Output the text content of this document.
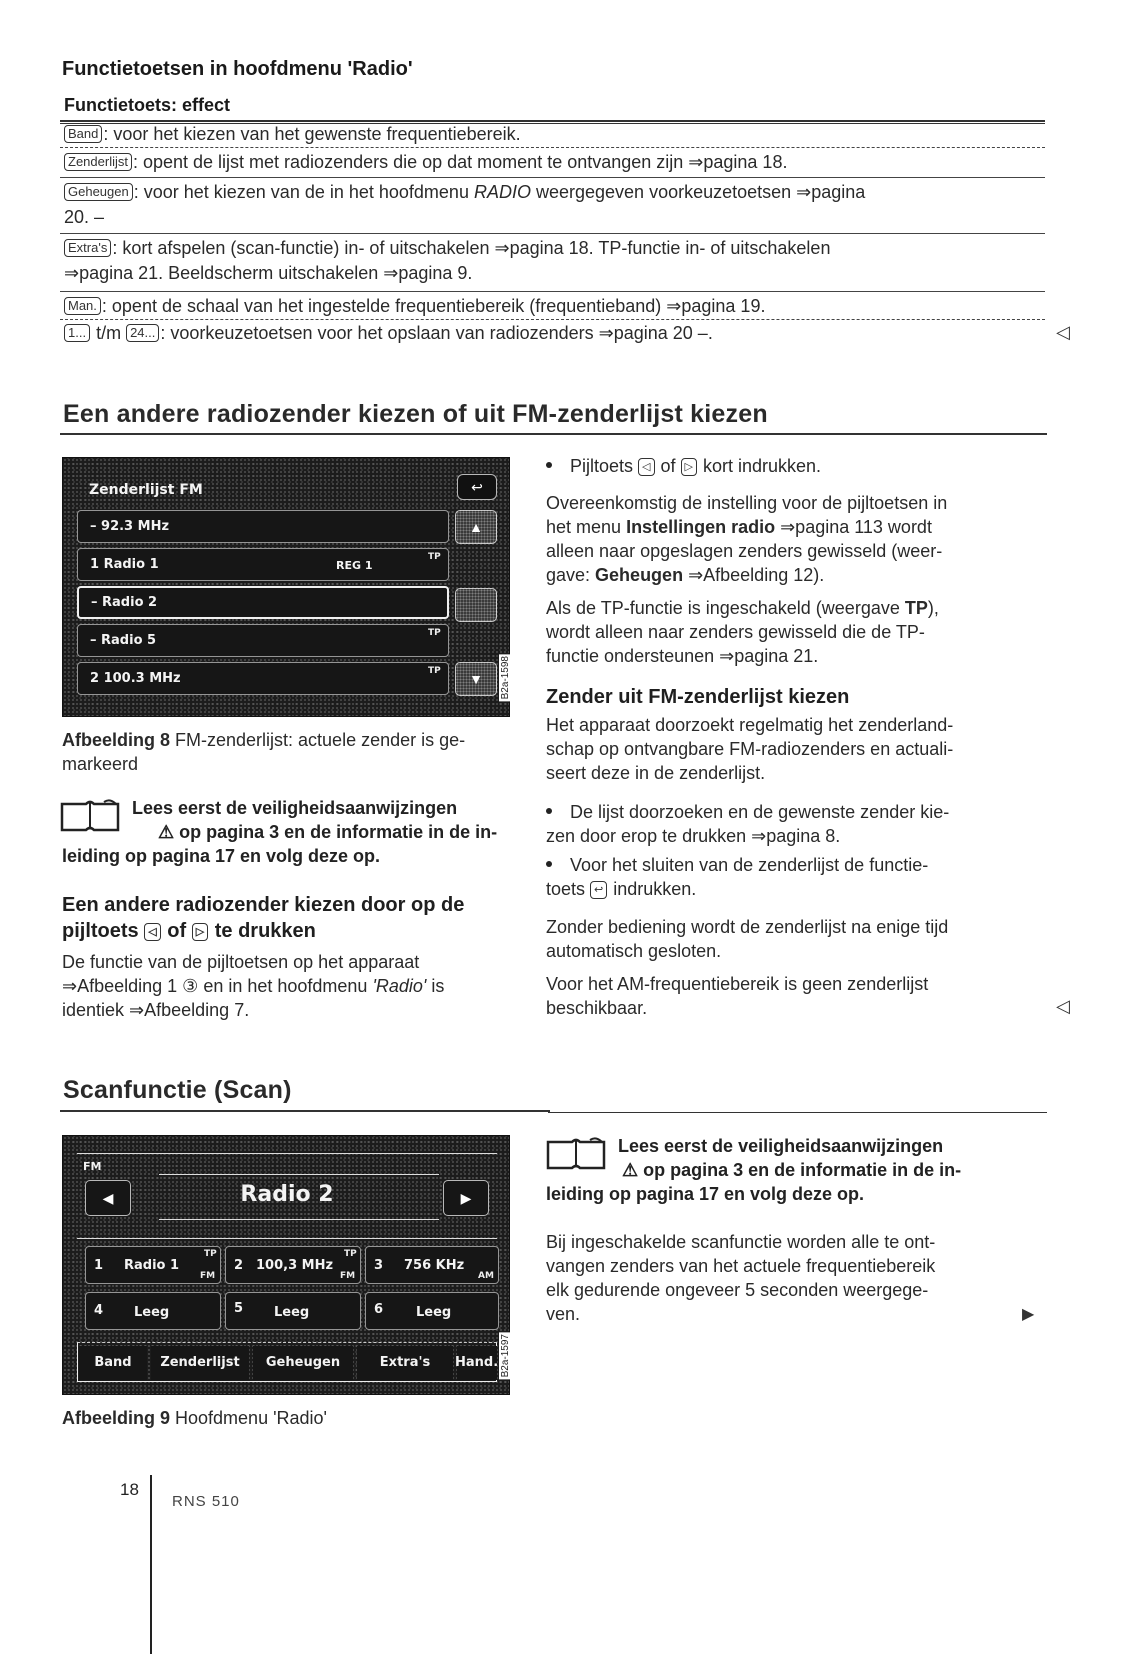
Functietoetsen in hoofdmenu 'Radio'
Functietoets: effect
Band : voor het kiezen van het gewenste frequentiebereik.
Zenderlijst : opent de lijst met radiozenders die op dat moment te ontvangen zijn ⇒pagina 18.
Geheugen : voor het kiezen van de in het hoofdmenu RADIO weergegeven voorkeuzetoetsen ⇒pagina
20. –
Extra's : kort afspelen (scan-functie) in- of uitschakelen ⇒pagina 18. TP-functie in- of uitschakelen
⇒pagina 21. Beeldscherm uitschakelen ⇒pagina 9.
Man. : opent de schaal van het ingestelde frequentiebereik (frequentieband) ⇒pagina 19.
1... t/m 24... : voorkeuzetoetsen voor het opslaan van radiozenders ⇒pagina 20 –.	◁
Een andere radiozender kiezen of uit FM-zenderlijst kiezen
Zenderlijst FM	↩
– 92.3 MHz
1 Radio 1	REG 1
TP
– Radio 2
– Radio 5	TP
2 100.3 MHz	TP
▲
▼ B2a-1598
Afbeelding 8 FM-zenderlijst: actuele zender is ge-
markeerd
Lees eerst de veiligheidsaanwijzingen
⚠ op pagina 3 en de informatie in de in-
leiding op pagina 17 en volg deze op.
Een andere radiozender kiezen door op de
pijltoets ◁ of ▷ te drukken
De functie van de pijltoetsen op het apparaat
⇒Afbeelding 1 ③ en in het hoofdmenu 'Radio' is
identiek ⇒Afbeelding 7.
Pijltoets ◁ of ▷ kort indrukken.
Overeenkomstig de instelling voor de pijltoetsen in
het menu Instellingen radio ⇒pagina 113 wordt
alleen naar opgeslagen zenders gewisseld (weer-
gave: Geheugen ⇒Afbeelding 12).
Als de TP-functie is ingeschakeld (weergave TP),
wordt alleen naar zenders gewisseld die de TP-
functie ondersteunen ⇒pagina 21.
Zender uit FM-zenderlijst kiezen
Het apparaat doorzoekt regelmatig het zenderland-
schap op ontvangbare FM-radiozenders en actuali-
seert deze in de zenderlijst.
De lijst doorzoeken en de gewenste zender kie-
zen door erop te drukken ⇒pagina 8.
Voor het sluiten van de zenderlijst de functie-
toets ↩ indrukken.
Zonder bediening wordt de zenderlijst na enige tijd
automatisch gesloten.
Voor het AM-frequentiebereik is geen zenderlijst
beschikbaar.	◁
Scanfunctie (Scan)
FM
◀	Radio 2	▶
1 Radio 1
TP
FM
2 100,3 MHz
TP
FM
3 756 KHz
AM
4 Leeg	5 Leeg	6	Leeg
Band	Zenderlijst	Geheugen	Extra's	Hand. B2a-1597
Afbeelding 9 Hoofdmenu 'Radio'
Lees eerst de veiligheidsaanwijzingen
⚠ op pagina 3 en de informatie in de in-
leiding op pagina 17 en volg deze op.
Bij ingeschakelde scanfunctie worden alle te ont-
vangen zenders van het actuele frequentiebereik
elk gedurende ongeveer 5 seconden weergege-
ven.	▶
18
RNS 510
